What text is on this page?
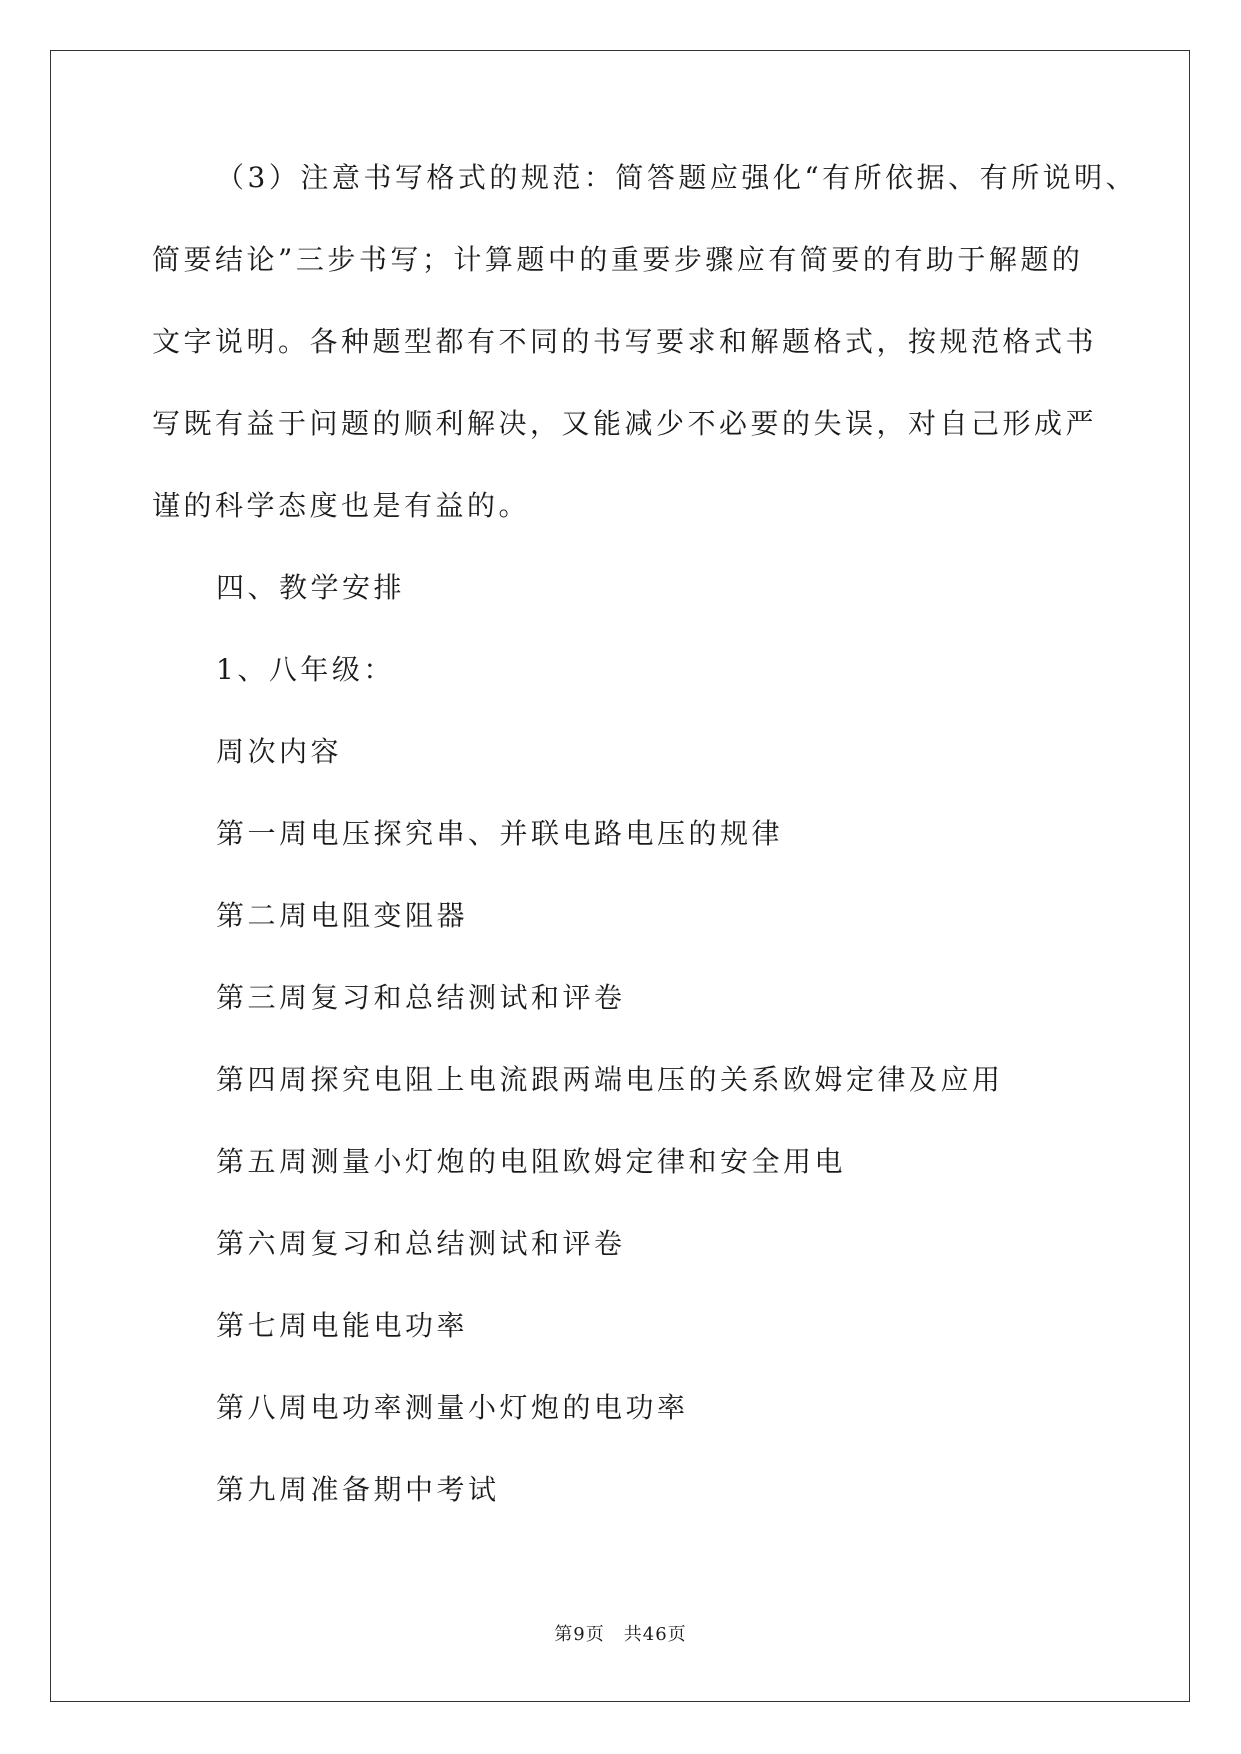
（3）注意书写格式的规范：简答题应强化“有所依据、有所说明、
简要结论”三步书写；计算题中的重要步骤应有简要的有助于解题的
文字说明。各种题型都有不同的书写要求和解题格式，按规范格式书
写既有益于问题的顺利解决，又能减少不必要的失误，对自己形成严
谨的科学态度也是有益的。
四、教学安排
1、八年级：
周次内容
第一周电压探究串、并联电路电压的规律
第二周电阻变阻器
第三周复习和总结测试和评卷
第四周探究电阻上电流跟两端电压的关系欧姆定律及应用
第五周测量小灯炮的电阻欧姆定律和安全用电
第六周复习和总结测试和评卷
第七周电能电功率
第八周电功率测量小灯炮的电功率
第九周准备期中考试
第9页　共46页
